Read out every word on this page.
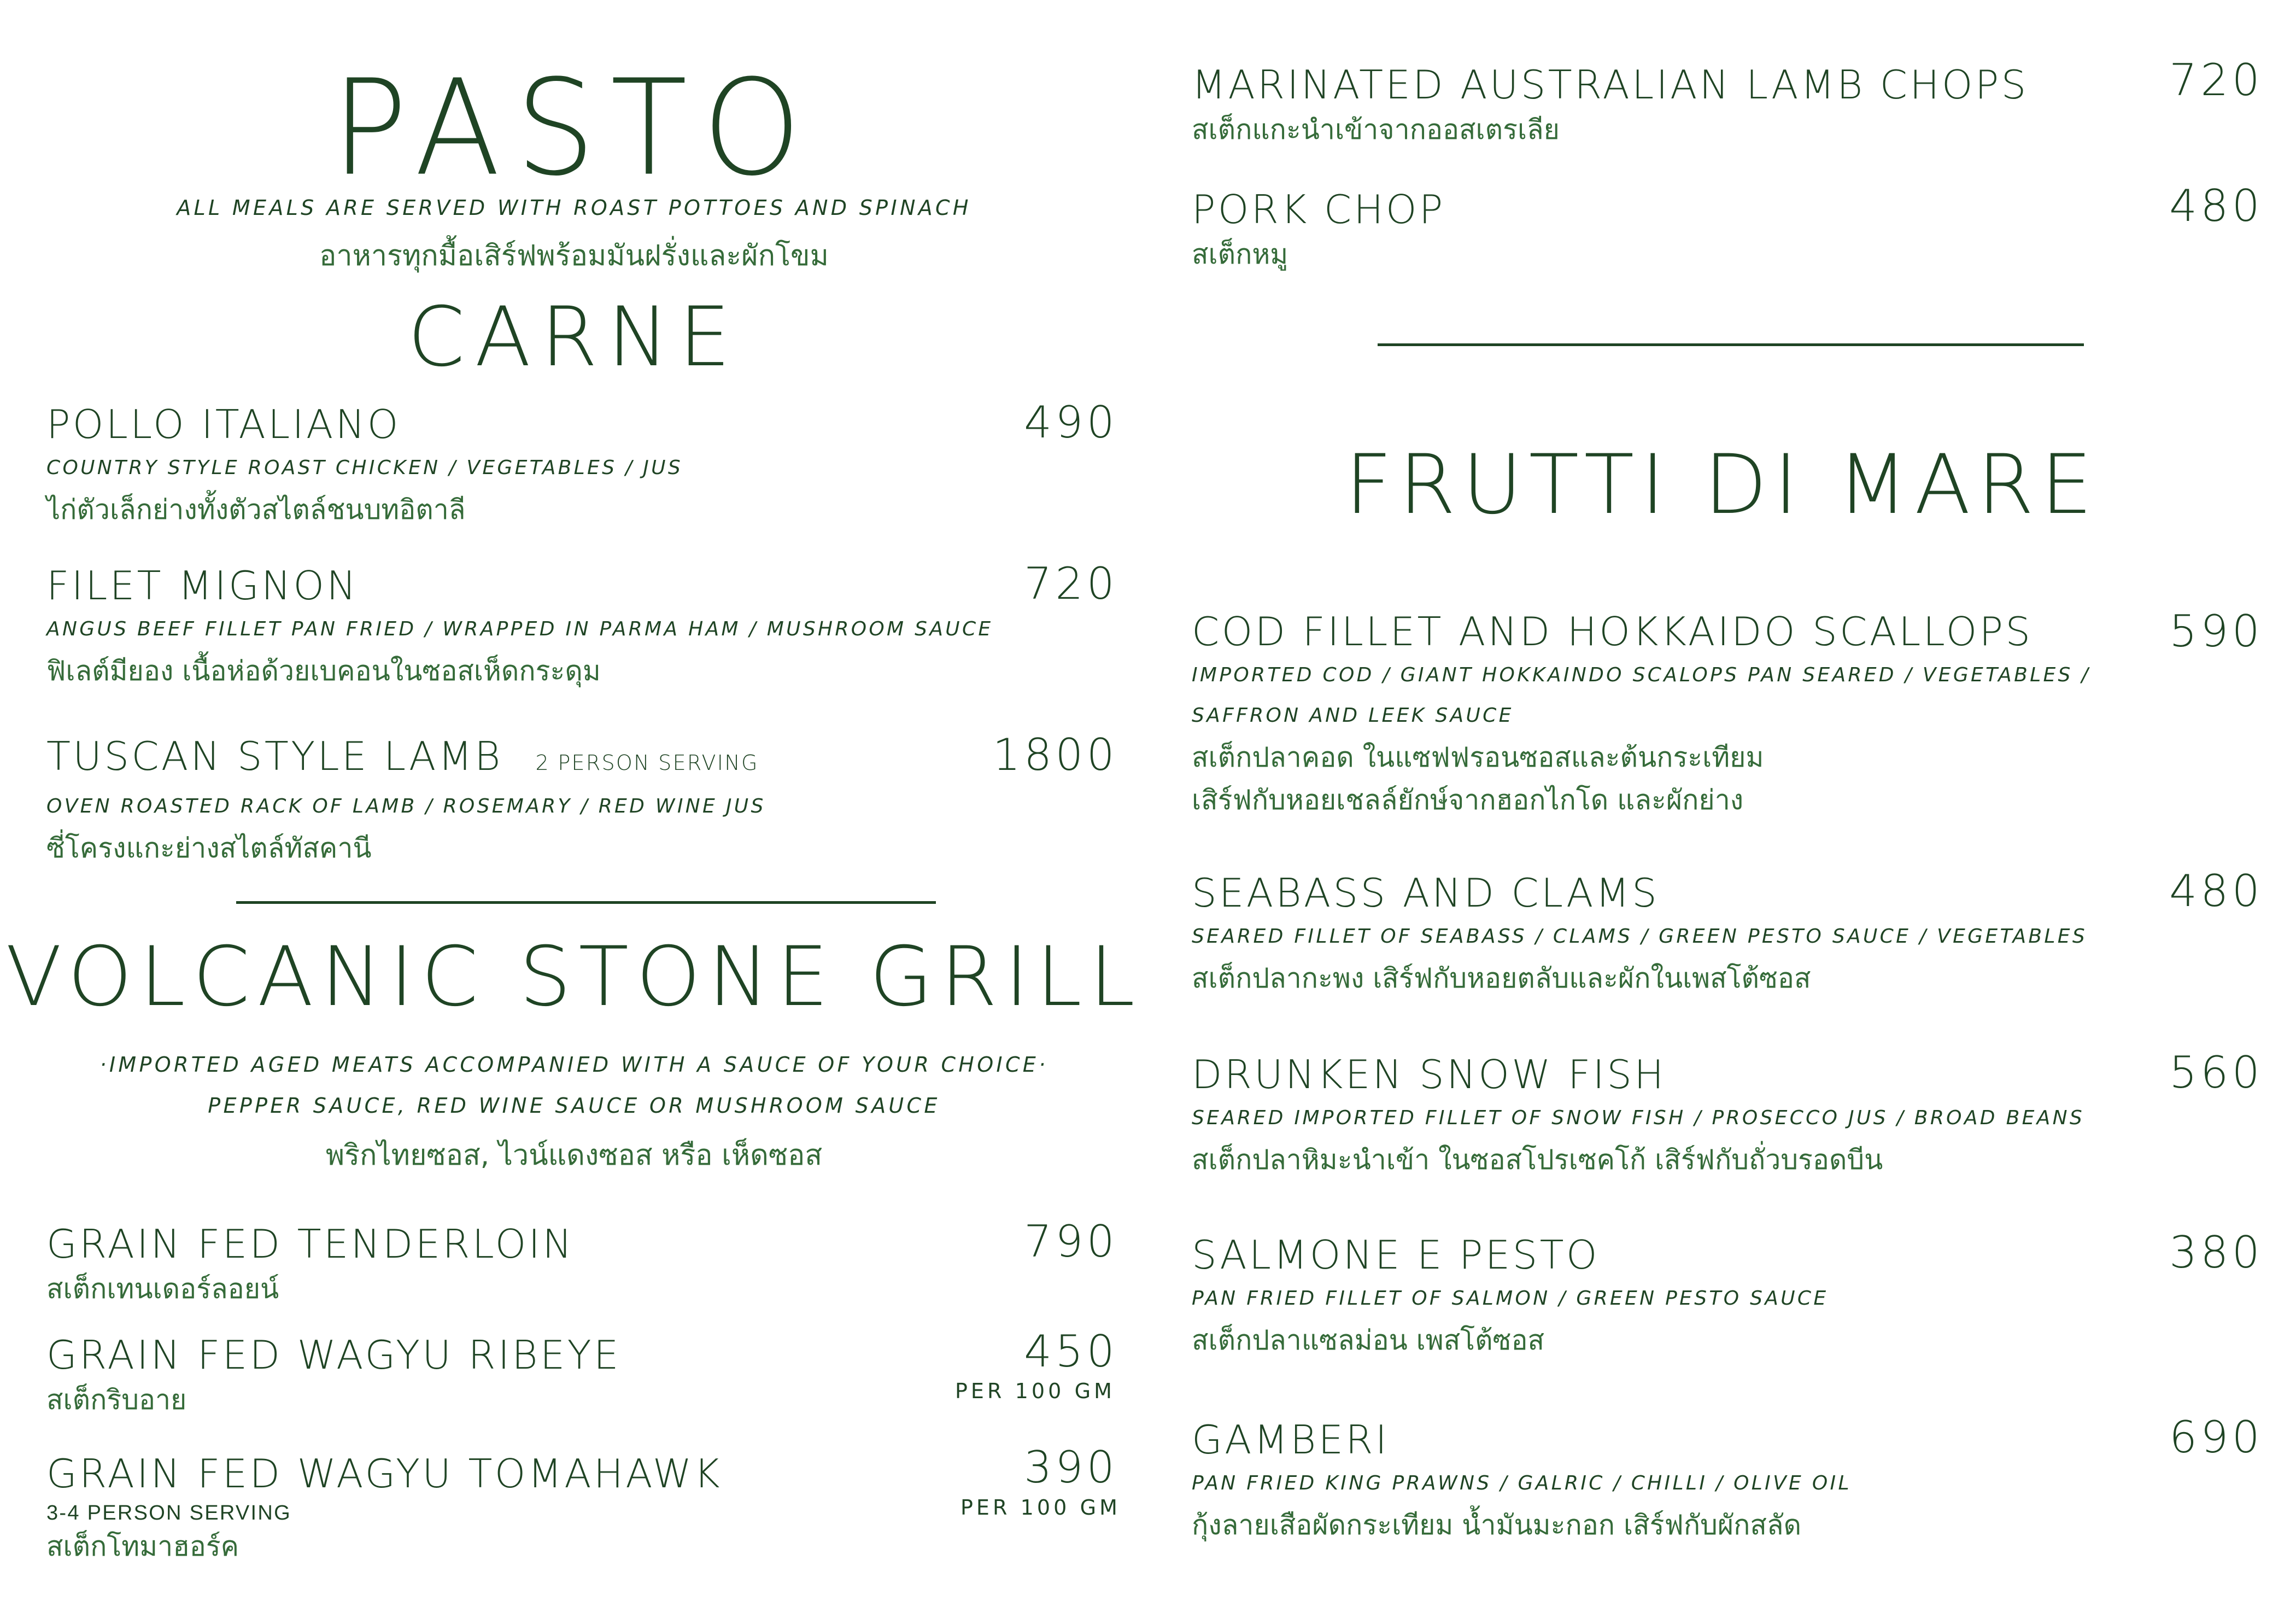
PASTO
ALL MEALS ARE SERVED WITH ROAST POTTOES AND SPINACH
อาหารทุกมื้อเสิร์ฟพร้อมมันฝรั่งและผักโขม
CARNE
POLLO ITALIANO
COUNTRY STYLE ROAST CHICKEN / VEGETABLES / JUS
ไก่ตัวเล็กย่างทั้งตัวสไตล์ชนบทอิตาลี
490
FILET MIGNON
ANGUS BEEF FILLET PAN FRIED / WRAPPED IN PARMA HAM / MUSHROOM SAUCE
ฟิเลต์มียอง เนื้อห่อด้วยเบคอนในซอสเห็ดกระดุม
720
TUSCAN STYLE LAMB 2 PERSON SERVING
OVEN ROASTED RACK OF LAMB / ROSEMARY / RED WINE JUS
ซี่โครงแกะย่างสไตล์ทัสคานี
1800
VOLCANIC STONE GRILL
·IMPORTED AGED MEATS ACCOMPANIED WITH A SAUCE OF YOUR CHOICE·
PEPPER SAUCE, RED WINE SAUCE OR MUSHROOM SAUCE
พริกไทยซอส, ไวน์แดงซอส หรือ เห็ดซอส
GRAIN FED TENDERLOIN
สเต็กเทนเดอร์ลอยน์
790
GRAIN FED WAGYU RIBEYE
สเต็กริบอาย
450
PER 100 GM
GRAIN FED WAGYU TOMAHAWK
3-4 PERSON SERVING
สเต็กโทมาฮอร์ค
390
PER 100 GM
MARINATED AUSTRALIAN LAMB CHOPS
สเต็กแกะนำเข้าจากออสเตรเลีย
720
PORK CHOP
สเต็กหมู
480
FRUTTI DI MARE
COD FILLET AND HOKKAIDO SCALLOPS
IMPORTED COD / GIANT HOKKAINDO SCALOPS PAN SEARED / VEGETABLES /
SAFFRON AND LEEK SAUCE
สเต็กปลาคอด ในแซฟฟรอนซอสและต้นกระเทียม
เสิร์ฟกับหอยเชลล์ยักษ์จากฮอกไกโด และผักย่าง
590
SEABASS AND CLAMS
SEARED FILLET OF SEABASS / CLAMS / GREEN PESTO SAUCE / VEGETABLES
สเต็กปลากะพง เสิร์ฟกับหอยตลับและผักในเพสโต้ซอส
480
DRUNKEN SNOW FISH
SEARED IMPORTED FILLET OF SNOW FISH / PROSECCO JUS / BROAD BEANS
สเต็กปลาหิมะนำเข้า ในซอสโปรเซคโก้ เสิร์ฟกับถั่วบรอดบีน
560
SALMONE E PESTO
PAN FRIED FILLET OF SALMON / GREEN PESTO SAUCE
สเต็กปลาแซลม่อน เพสโต้ซอส
380
GAMBERI
PAN FRIED KING PRAWNS / GALRIC / CHILLI / OLIVE OIL
กุ้งลายเสือผัดกระเทียม น้ำมันมะกอก เสิร์ฟกับผักสลัด
690
